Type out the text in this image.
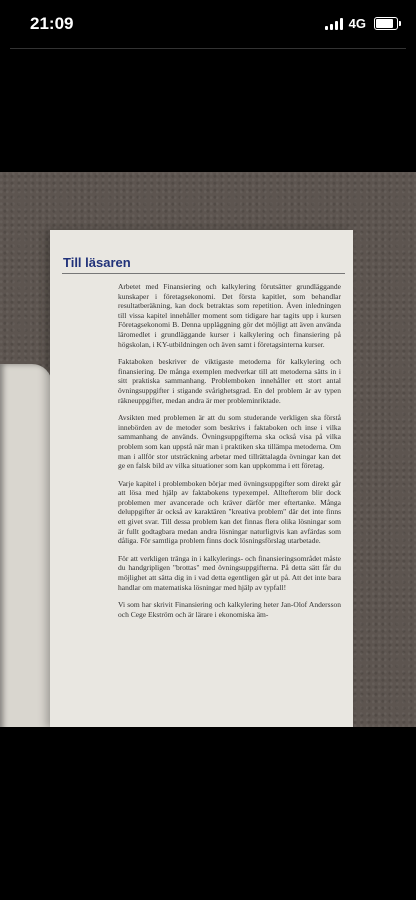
21:09	4G
Till läsaren

Arbetet med Finansiering och kalkylering förutsätter grundläggande kunskaper i företagsekonomi. Det första kapitlet, som behandlar resultatberäkning, kan dock betraktas som repetition. Även inledningen till vissa kapitel innehåller moment som tidigare har tagits upp i kursen Företagsekonomi B. Denna uppläggning gör det möjligt att även använda läromedlet i grundläggande kurser i kalkylering och finansiering på högskolan, i KY-utbildningen och även samt i företagsinterna kurser.

Faktaboken beskriver de viktigaste metoderna för kalkylering och finansiering. De många exemplen medverkar till att metoderna sätts in i sitt praktiska sammanhang. Problemboken innehåller ett stort antal övningsuppgifter i stigande svårighetsgrad. En del problem är av typen räkneuppgifter, medan andra är mer probleminriktade.

Avsikten med problemen är att du som studerande verkligen ska förstå innebörden av de metoder som beskrivs i faktaboken och inse i vilka sammanhang de används. Övningsuppgifterna ska också visa på vilka problem som kan uppstå när man i praktiken ska tillämpa metoderna. Om man i allför stor utsträckning arbetar med tillrättalagda övningar kan det ge en falsk bild av vilka situationer som kan uppkomma i ett företag.

Varje kapitel i problemboken börjar med övningsuppgifter som direkt går att lösa med hjälp av faktabokens typexempel. Alltefterom blir dock problemen mer avancerade och kräver därför mer eftertanke. Många deluppgifter är också av karaktären "kreativa problem" där det inte finns ett givet svar. Till dessa problem kan det finnas flera olika lösningar som är fullt godtagbara medan andra lösningar naturligtvis kan avfärdas som dåliga. För samtliga problem finns dock lösningsförslag utarbetade.

För att verkligen tränga in i kalkylerings- och finansieringsområdet måste du handgripligen "brottas" med övningsuppgifterna. På detta sätt får du möjlighet att sätta dig in i vad detta egentligen går ut på. Att det inte bara handlar om matematiska lösningar med hjälp av typfall!

Vi som har skrivit Finansiering och kalkylering heter Jan-Olof Andersson och Cege Ekström och är lärare i ekonomiska äm-
